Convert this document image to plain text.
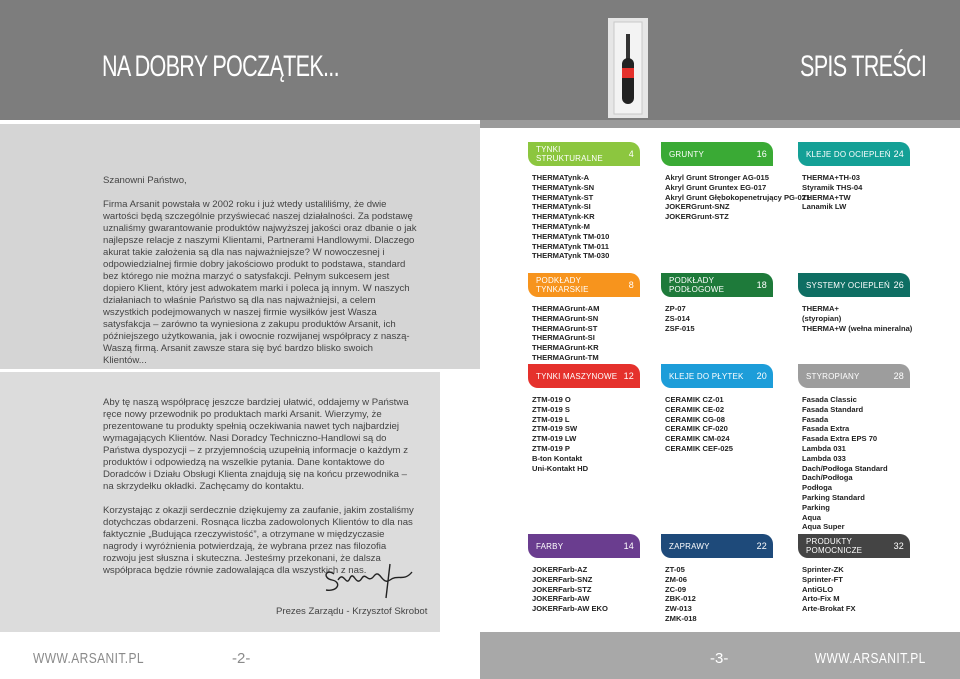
NA DOBRY POCZĄTEK...

Szanowni Państwo,

Firma Arsanit powstała w 2002 roku i już wtedy ustaliliśmy, że dwie wartości będą szczególnie przyświecać naszej działalności. Za podstawę uznaliśmy gwarantowanie produktów najwyższej jakości oraz dbanie o jak najlepsze relacje z naszymi Klientami, Partnerami Handlowymi. Dlaczego akurat takie założenia są dla nas najważniejsze? W nowoczesnej i odpowiedzialnej firmie dobry jakościowo produkt to podstawa, standard bez którego nie można marzyć o satysfakcji. Pełnym sukcesem jest dopiero Klient, który jest adwokatem marki i poleca ją innym. W naszych działaniach to właśnie Państwo są dla nas najważniejsi, a celem wszystkich podejmowanych w naszej firmie wysiłków jest Wasza satysfakcja – zarówno ta wyniesiona z zakupu produktów Arsanit, ich późniejszego użytkowania, jak i owocnie rozwijanej współpracy z naszą-Waszą firmą. Arsanit zawsze stara się być bardzo blisko swoich Klientów...

Aby tę naszą współpracę jeszcze bardziej ułatwić, oddajemy w Państwa ręce nowy przewodnik po produktach marki Arsanit. Wierzymy, że prezentowane tu produkty spełnią oczekiwania nawet tych najbardziej wymagających Klientów. Nasi Doradcy Techniczno-Handlowi są do Państwa dyspozycji – z przyjemnością uzupełnią informacje o każdym z produktów i odpowiedzą na wszelkie pytania. Dane kontaktowe do Doradców i Działu Obsługi Klienta znajdują się na końcu przewodnika – na skrzydełku okładki. Zachęcamy do kontaktu.

Korzystając z okazji serdecznie dziękujemy za zaufanie, jakim zostaliśmy dotychczas obdarzeni. Rosnąca liczba zadowolonych Klientów to dla nas faktycznie „Budująca rzeczywistość”, a otrzymane w międzyczasie nagrody i wyróżnienia potwierdzają, że wybrana przez nas filozofia rozwoju jest słuszna i skuteczna. Jesteśmy przekonani, że dalsza współpraca będzie równie zadowalająca dla wszystkich z nas.

Prezes Zarządu - Krzysztof Skrobot
WWW.ARSANIT.PL	-2-
SPIS TREŚCI
TYNKI STRUKTURALNE	4
THERMATynk-A
THERMATynk-SN
THERMATynk-ST
THERMATynk-SI
THERMATynk-KR
THERMATynk-M
THERMATynk TM-010
THERMATynk TM-011
THERMATynk TM-030
GRUNTY	16
Akryl Grunt Stronger AG-015
Akryl Grunt Gruntex EG-017
Akryl Grunt Głębokopenetrujący PG-021
JOKERGrunt-SNZ
JOKERGrunt-STZ
KLEJE DO OCIEPLEŃ 24
THERMA+TH-03
Styramik THS-04
THERMA+TW
Lanamik LW
PODKŁADY TYNKARSKIE	8
THERMAGrunt-AM
THERMAGrunt-SN
THERMAGrunt-ST
THERMAGrunt-SI
THERMAGrunt-KR
THERMAGrunt-TM
PODKŁADY PODŁOGOWE	18
ZP-07
ZS-014
ZSF-015
SYSTEMY OCIEPLEŃ 26
THERMA+
(styropian)
THERMA+W (wełna mineralna)
TYNKI MASZYNOWE 12
ZTM-019 O
ZTM-019 S
ZTM-019 L
ZTM-019 SW
ZTM-019 LW
ZTM-019 P
B-ton Kontakt
Uni-Kontakt HD
KLEJE DO PŁYTEK 20
CERAMIK CZ-01
CERAMIK CE-02
CERAMIK CG-08
CERAMIK CF-020
CERAMIK CM-024
CERAMIK CEF-025
STYROPIANY	28
Fasada Classic
Fasada Standard
Fasada
Fasada Extra
Fasada Extra EPS 70
Lambda 031
Lambda 033
Dach/Podłoga Standard
Dach/Podłoga
Podłoga
Parking Standard
Parking
Aqua
Aqua Super
FARBY	14
JOKERFarb-AZ
JOKERFarb-SNZ
JOKERFarb-STZ
JOKERFarb-AW
JOKERFarb-AW EKO
ZAPRAWY	22
ZT-05
ZM-06
ZC-09
ZBK-012
ZW-013
ZMK-018
PRODUKTY POMOCNICZE	32
Sprinter-ZK
Sprinter-FT
AntiGLO
Arto-Fix M
Arte-Brokat FX
-3-	WWW.ARSANIT.PL
